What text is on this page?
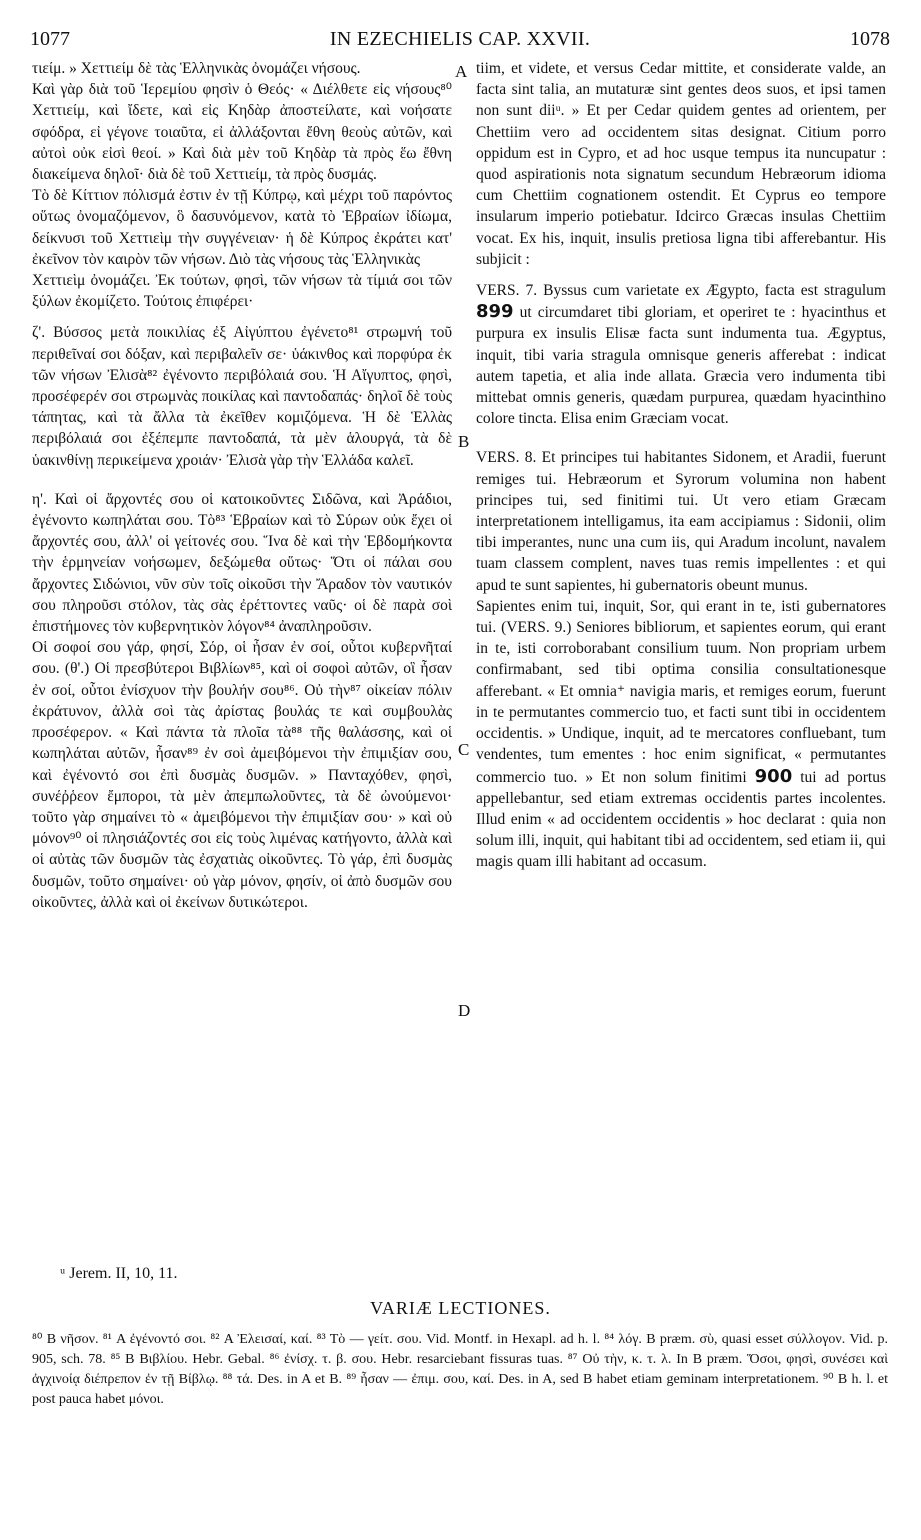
1077	IN EZECHIELIS CAP. XXVII.	1078
A
B
C
D

τιείμ. » Χεττιείμ δὲ τὰς Ἑλληνικὰς ὀνομάζει νήσους.

Καὶ γὰρ διὰ τοῦ Ἱερεμίου φησὶν ὁ Θεός· « Διέλθετε εἰς νήσους⁸⁰ Χεττιείμ, καὶ ἴδετε, καὶ εἰς Κηδὰρ ἀποστείλατε, καὶ νοήσατε σφόδρα, εἰ γέγονε τοιαῦτα, εἰ ἀλλάξονται ἔθνη θεοὺς αὐτῶν, καὶ αὐτοὶ οὐκ εἰσὶ θεοί. » Καὶ διὰ μὲν τοῦ Κηδὰρ τὰ πρὸς ἕω ἔθνη διακείμενα δηλοῖ· διὰ δὲ τοῦ Χεττιείμ, τὰ πρὸς δυσμάς.

Τὸ δὲ Κίττιον πόλισμά ἐστιν ἐν τῇ Κύπρῳ, καὶ μέχρι τοῦ παρόντος οὕτως ὀνομαζόμενον, ὃ δασυνόμενον, κατὰ τὸ Ἑβραίων ἰδίωμα, δείκνυσι τοῦ Χεττιεὶμ τὴν συγγένειαν· ἡ δὲ Κύπρος ἐκράτει κατ' ἐκεῖνον τὸν καιρὸν τῶν νήσων. Διὸ τὰς νήσους τὰς Ἑλληνικὰς

Χεττιεὶμ ὀνομάζει. Ἐκ τούτων, φησὶ, τῶν νήσων τὰ τίμιά σοι τῶν ξύλων ἐκομίζετο. Τούτοις ἐπιφέρει·

ζ'. Βύσσος μετὰ ποικιλίας ἐξ Αἰγύπτου ἐγένετο⁸¹ στρωμνή τοῦ περιθεῖναί σοι δόξαν, καὶ περιβαλεῖν σε· ὑάκινθος καὶ πορφύρα ἐκ τῶν νήσων Ἐλισὰ⁸² ἐγένοντο περιβόλαιά σου. Ἡ Αἴγυπτος, φησὶ, προσέφερέν σοι στρωμνὰς ποικίλας καὶ παντοδαπάς· δηλοῖ δὲ τοὺς τάπητας, καὶ τὰ ἄλλα τὰ ἐκεῖθεν κομιζόμενα. Ἡ δὲ Ἑλλὰς περιβόλαιά σοι ἐξέπεμπε παντοδαπά, τὰ μὲν ἁλουργά, τὰ δὲ ὑακινθίνῃ περικείμενα χροιάν· Ἐλισὰ γὰρ τὴν Ἑλλάδα καλεῖ.

η'. Καὶ οἱ ἄρχοντές σου οἱ κατοικοῦντες Σιδῶνα, καὶ Ἀράδιοι, ἐγένοντο κωπηλάται σου. Τὸ⁸³ Ἑβραίων καὶ τὸ Σύρων οὐκ ἔχει οἱ ἄρχοντές σου, ἀλλ' οἱ γείτονές σου. Ἵνα δὲ καὶ τὴν Ἑβδομήκοντα τὴν ἑρμηνείαν νοήσωμεν, δεξώμεθα οὕτως· Ὅτι οἱ πάλαι σου ἄρχοντες Σιδώνιοι, νῦν σὺν τοῖς οἰκοῦσι τὴν Ἄραδον τὸν ναυτικόν σου πληροῦσι στόλον, τὰς σὰς ἐρέττοντες ναῦς· οἱ δὲ παρὰ σοὶ ἐπιστήμονες τὸν κυβερνητικὸν λόγον⁸⁴ ἀναπληροῦσιν.

Οἱ σοφοί σου γάρ, φησί, Σόρ, οἱ ἦσαν ἐν σοί, οὗτοι κυβερνῆταί σου. (θ'.) Οἱ πρεσβύτεροι Βιβλίων⁸⁵, καὶ οἱ σοφοὶ αὐτῶν, οἳ ἦσαν ἐν σοί, οὗτοι ἐνίσχυον τὴν βουλήν σου⁸⁶. Οὐ τὴν⁸⁷ οἰκείαν πόλιν ἐκράτυνον, ἀλλὰ σοὶ τὰς ἀρίστας βουλάς τε καὶ συμβουλὰς προσέφερον. « Καὶ πάντα τὰ πλοῖα τὰ⁸⁸ τῆς θαλάσσης, καὶ οἱ κωπηλάται αὐτῶν, ἦσαν⁸⁹ ἐν σοὶ ἀμειβόμενοι τὴν ἐπιμιξίαν σου, καὶ ἐγένοντό σοι ἐπὶ δυσμὰς δυσμῶν. » Πανταχόθεν, φησὶ, συνέῤῥεον ἔμποροι, τὰ μὲν ἀπεμπωλοῦντες, τὰ δὲ ὠνούμενοι· τοῦτο γὰρ σημαίνει τὸ « ἀμειβόμενοι τὴν ἐπιμιξίαν σου· » καὶ οὐ μόνον⁹⁰ οἱ πλησιάζοντές σοι εἰς τοὺς λιμένας κατήγοντο, ἀλλὰ καὶ οἱ αὐτὰς τῶν δυσμῶν τὰς ἐσχατιὰς οἰκοῦντες. Τὸ γάρ, ἐπὶ δυσμὰς δυσμῶν, τοῦτο σημαίνει· οὐ γὰρ μόνον, φησίν, οἱ ἀπὸ δυσμῶν σου οἰκοῦντες, ἀλλὰ καὶ οἱ ἐκείνων δυτικώτεροι.

tiim, et videte, et versus Cedar mittite, et considerate valde, an facta sint talia, an mutaturæ sint gentes deos suos, et ipsi tamen non sunt diiᵘ. » Et per Cedar quidem gentes ad orientem, per Chettiim vero ad occidentem sitas designat. Citium porro oppidum est in Cypro, et ad hoc usque tempus ita nuncupatur : quod aspirationis nota signatum secundum Hebræorum idioma cum Chettiim cognationem ostendit. Et Cyprus eo tempore insularum imperio potiebatur. Idcirco Græcas insulas Chettiim vocat. Ex his, inquit, insulis pretiosa ligna tibi afferebantur. His subjicit :

VERS. 7. Byssus cum varietate ex Ægypto, facta est stragulum 899 ut circumdaret tibi gloriam, et operiret te : hyacinthus et purpura ex insulis Elisæ facta sunt indumenta tua. Ægyptus, inquit, tibi varia stragula omnisque generis afferebat : indicat autem tapetia, et alia inde allata. Græcia vero indumenta tibi mittebat omnis generis, quædam purpurea, quædam hyacinthino colore tincta. Elisa enim Græciam vocat.

VERS. 8. Et principes tui habitantes Sidonem, et Aradii, fuerunt remiges tui. Hebræorum et Syrorum volumina non habent principes tui, sed finitimi tui. Ut vero etiam Græcam interpretationem intelligamus, ita eam accipiamus : Sidonii, olim tibi imperantes, nunc una cum iis, qui Aradum incolunt, navalem tuam classem complent, naves tuas remis impellentes : et qui apud te sunt sapientes, hi gubernatoris obeunt munus.

Sapientes enim tui, inquit, Sor, qui erant in te, isti gubernatores tui. (VERS. 9.) Seniores bibliorum, et sapientes eorum, qui erant in te, isti corroborabant consilium tuum. Non propriam urbem confirmabant, sed tibi optima consilia consultationesque afferebant. « Et omnia⁺ navigia maris, et remiges eorum, fuerunt in te permutantes commercio tuo, et facti sunt tibi in occidentem occidentis. » Undique, inquit, ad te mercatores confluebant, tum vendentes, tum ementes : hoc enim significat, « permutantes commercio tuo. » Et non solum finitimi 900 tui ad portus appellebantur, sed etiam extremas occidentis partes incolentes. Illud enim « ad occidentem occidentis » hoc declarat : quia non solum illi, inquit, qui habitant tibi ad occidentem, sed etiam ii, qui magis quam illi habitant ad occasum.

ᵘ Jerem. II, 10, 11.
VARIÆ LECTIONES.

⁸⁰ B νῆσον. ⁸¹ A ἐγένοντό σοι. ⁸² A Ἐλεισαί, καί. ⁸³ Τὸ — γείτ. σου. Vid. Montf. in Hexapl. ad h. l. ⁸⁴ λόγ. B præm. σὺ, quasi esset σύλλογον. Vid. p. 905, sch. 78. ⁸⁵ B Βιβλίου. Hebr. Gebal. ⁸⁶ ἐνίσχ. τ. β. σου. Hebr. resarciebant fissuras tuas. ⁸⁷ Οὐ τὴν, κ. τ. λ. In B præm. Ὅσοι, φησὶ, συνέσει καὶ ἀγχινοίᾳ διέπρεπον ἐν τῇ Βίβλῳ. ⁸⁸ τά. Des. in A et B. ⁸⁹ ἦσαν — ἐπιμ. σου, καί. Des. in A, sed B habet etiam geminam interpretationem. ⁹⁰ B h. l. et post pauca habet μόνοι.
